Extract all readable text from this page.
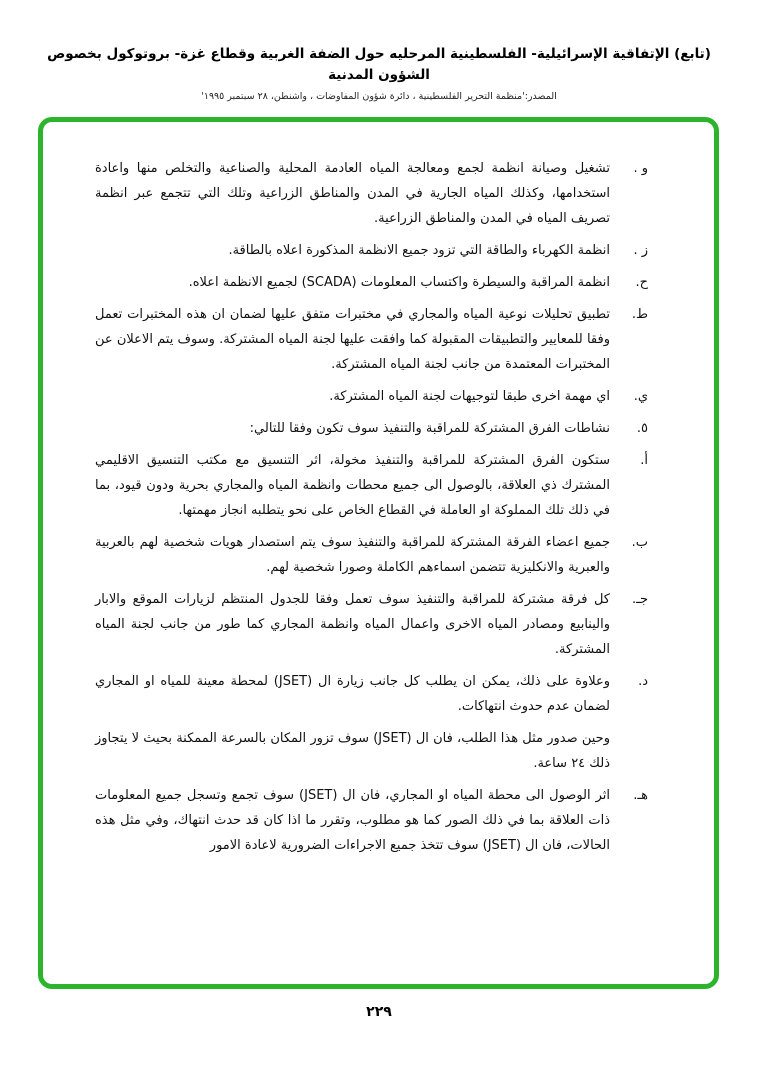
(تابع) الإتفاقية الإسرائيلية- الفلسطينية المرحليه حول الضفة الغربية وقطاع غزة- بروتوكول بخصوص الشؤون المدنية
المصدر:'منظمة التحرير الفلسطينية ، دائرة شؤون المفاوضات ، واشنطن، ٢٨ سبتمبر ١٩٩٥'
و .
تشغيل وصيانة انظمة لجمع ومعالجة المياه العادمة المحلية والصناعية والتخلص منها واعادة استخدامها، وكذلك المياه الجارية في المدن والمناطق الزراعية وتلك التي تتجمع عبر انظمة تصريف المياه في المدن والمناطق الزراعية.
ز .
انظمة الكهرباء والطاقة التي تزود جميع الانظمة المذكورة اعلاه بالطاقة.
ح.
انظمة المراقبة والسيطرة واكتساب المعلومات (SCADA) لجميع الانظمة اعلاه.
ط.
تطبيق تحليلات نوعية المياه والمجاري في مختبرات متفق عليها لضمان ان هذه المختبرات تعمل وفقا للمعايير والتطبيقات المقبولة كما وافقت عليها لجنة المياه المشتركة. وسوف يتم الاعلان عن المختبرات المعتمدة من جانب لجنة المياه المشتركة.
ي.
اي مهمة اخرى طبقا لتوجيهات لجنة المياه المشتركة.
٥.
نشاطات الفرق المشتركة للمراقبة والتنفيذ سوف تكون وفقا للتالي:
أ.
ستكون الفرق المشتركة للمراقبة والتنفيذ مخولة، اثر التنسيق مع مكتب التنسيق الاقليمي المشترك ذي العلاقة، بالوصول الى جميع محطات وانظمة المياه والمجاري بحرية ودون قيود، بما في ذلك تلك المملوكة او العاملة في القطاع الخاص على نحو يتطلبه انجاز مهمتها.
ب.
جميع اعضاء الفرقة المشتركة للمراقبة والتنفيذ سوف يتم استصدار هويات شخصية لهم بالعربية والعبرية والانكليزية تتضمن اسماءهم الكاملة وصورا شخصية لهم.
جـ.
كل فرقة مشتركة للمراقبة والتنفيذ سوف تعمل وفقا للجدول المنتظم لزيارات الموقع والابار والينابيع ومصادر المياه الاخرى واعمال المياه وانظمة المجاري كما طور من جانب لجنة المياه المشتركة.
د.
وعلاوة على ذلك، يمكن ان يطلب كل جانب زيارة ال (JSET) لمحطة معينة للمياه او المجاري لضمان عدم حدوث انتهاكات.
وحين صدور مثل هذا الطلب، فان ال (JSET) سوف تزور المكان بالسرعة الممكنة بحيث لا يتجاوز ذلك ٢٤ ساعة.
هـ.
اثر الوصول الى محطة المياه او المجاري، فان ال (JSET) سوف تجمع وتسجل جميع المعلومات ذات العلاقة بما في ذلك الصور كما هو مطلوب، وتقرر ما اذا كان قد حدث انتهاك، وفي مثل هذه الحالات، فان ال (JSET) سوف تتخذ جميع الاجراءات الضرورية لاعادة الامور
٢٢٩
